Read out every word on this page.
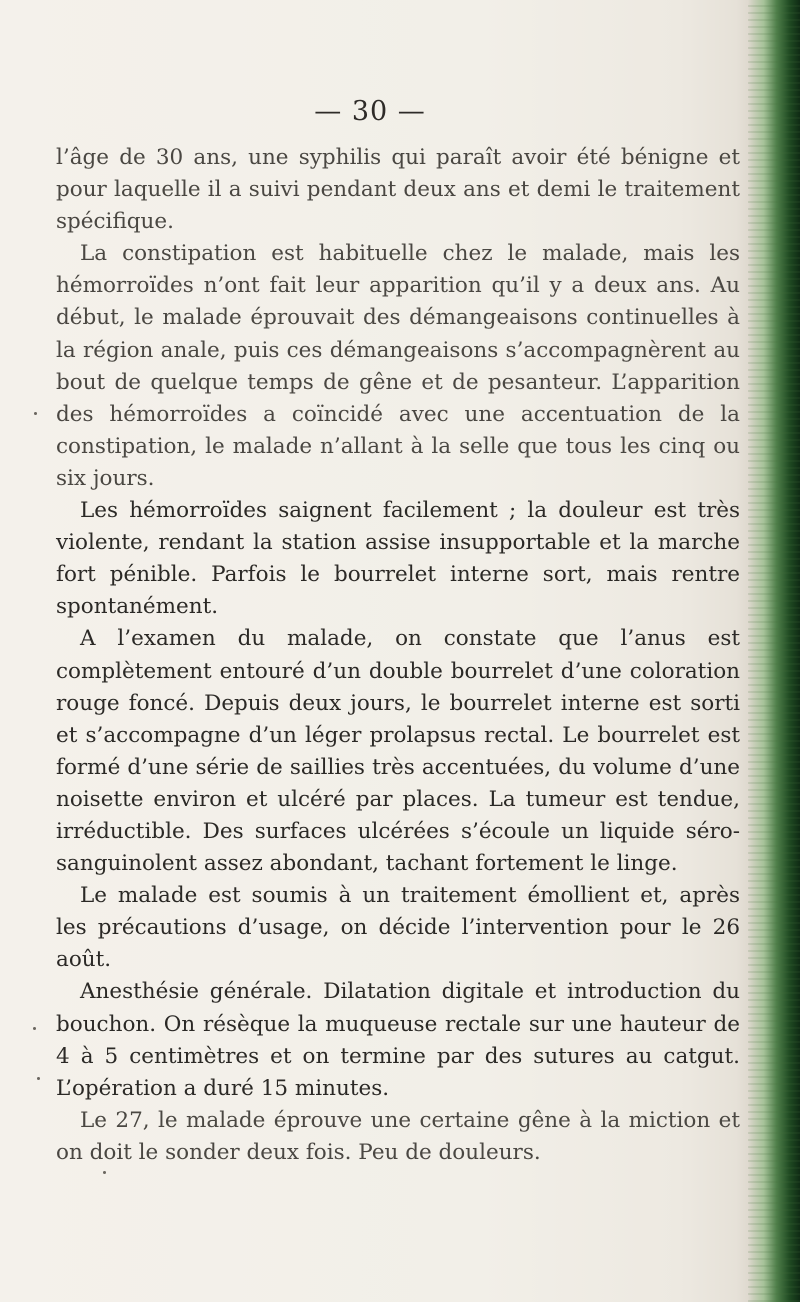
— 30 —

l’âge de 30 ans, une syphilis qui paraît avoir été bénigne et pour laquelle il a suivi pendant deux ans et demi le traitement spécifique.

La constipation est habituelle chez le malade, mais les hémorroïdes n’ont fait leur apparition qu’il y a deux ans. Au début, le malade éprouvait des démangeaisons continuelles à la région anale, puis ces démangeaisons s’accompagnèrent au bout de quelque temps de gêne et de pesanteur. L’apparition des hémorroïdes a coïncidé avec une accentuation de la constipation, le malade n’allant à la selle que tous les cinq ou six jours.

Les hémorroïdes saignent facilement ; la douleur est très violente, rendant la station assise insupportable et la marche fort pénible. Parfois le bourrelet interne sort, mais rentre spontanément.

A l’examen du malade, on constate que l’anus est complètement entouré d’un double bourrelet d’une coloration rouge foncé. Depuis deux jours, le bourrelet interne est sorti et s’accompagne d’un léger prolapsus rectal. Le bourrelet est formé d’une série de saillies très accentuées, du volume d’une noisette environ et ulcéré par places. La tumeur est tendue, irréductible. Des surfaces ulcérées s’écoule un liquide séro-sanguinolent assez abondant, tachant fortement le linge.

Le malade est soumis à un traitement émollient et, après les précautions d’usage, on décide l’intervention pour le 26 août.

Anesthésie générale. Dilatation digitale et introduction du bouchon. On résèque la muqueuse rectale sur une hauteur de 4 à 5 centimètres et on termine par des sutures au catgut. L’opération a duré 15 minutes.

Le 27, le malade éprouve une certaine gêne à la miction et on doit le sonder deux fois. Peu de douleurs.
